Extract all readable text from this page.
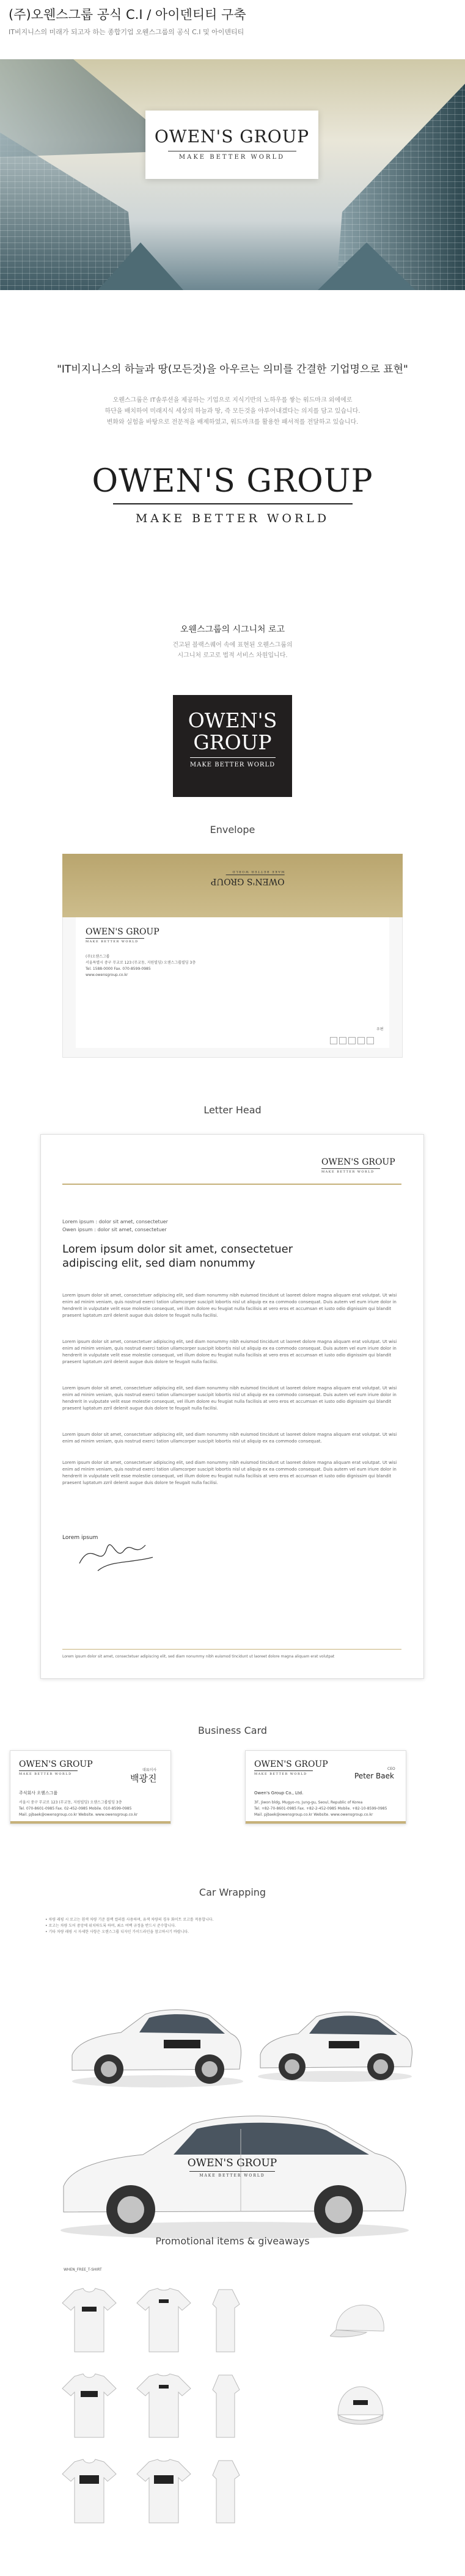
(주)오웬스그룹 공식 C.I / 아이덴티티 구축
IT비지니스의 미래가 되고자 하는 종합기업 오웬스그룹의 공식 C.I 및 아이덴티티
OWEN'S GROUP
MAKE BETTER WORLD
"IT비지니스의 하늘과 땅(모든것)을 아우르는 의미를 간결한 기업명으로 표현"

오웬스그룹은 IT솔루션을 제공하는 기업으로 지식기반의 노하우를 쌓는 워드마크 외에에로

하단을 배치하여 미래지식 세상의 하늘과 땅, 즉 모든것을 아루어내겠다는 의지를 담고 있습니다.

변화와 실험을 바탕으로 전문적을 배제하였고, 워드마크를 활용한 패셔적를 전달하고 있습니다.

OWEN'S GROUP
MAKE BETTER WORLD
오웬스그룹의 시그니처 로고
건고된 블랙스퀘어 속에 표현된 오웬스그룹의
시그니처 로고로 법적 서비스 차원입니다.
OWEN'S
GROUP
MAKE BETTER WORLD
Envelope
OWEN'S GROUP
MAKE BETTER WORLD
OWEN'S GROUP
MAKE BETTER WORLD
(주)오웬스그룹
서울특별시 중구 무교로 123 (무교동, 지원빌딩) 오웬스그룹빌딩 3층
Tel. 1588-0000 Fax. 070-8599-0985
www.owensgroup.co.kr
우편
Letter Head
OWEN'S GROUP
MAKE BETTER WORLD
Lorem ipsum : dolor sit amet, consectetuer
Owen ipsum : dolor sit amet, consectetuer
Lorem ipsum dolor sit amet, consectetuer adipiscing elit, sed diam nonummy
Lorem ipsum dolor sit amet, consectetuer adipiscing elit, sed diam nonummy nibh euismod tincidunt ut laoreet dolore magna aliquam erat volutpat. Ut wisi enim ad minim veniam, quis nostrud exerci tation ullamcorper suscipit lobortis nisl ut aliquip ex ea commodo consequat. Duis autem vel eum iriure dolor in hendrerit in vulputate velit esse molestie consequat, vel illum dolore eu feugiat nulla facilisis at vero eros et accumsan et iusto odio dignissim qui blandit praesent luptatum zzril delenit augue duis dolore te feugait nulla facilisi.
Lorem ipsum dolor sit amet, consectetuer adipiscing elit, sed diam nonummy nibh euismod tincidunt ut laoreet dolore magna aliquam erat volutpat. Ut wisi enim ad minim veniam, quis nostrud exerci tation ullamcorper suscipit lobortis nisl ut aliquip ex ea commodo consequat. Duis autem vel eum iriure dolor in hendrerit in vulputate velit esse molestie consequat, vel illum dolore eu feugiat nulla facilisis at vero eros et accumsan et iusto odio dignissim qui blandit praesent luptatum zzril delenit augue duis dolore te feugait nulla facilisi.
Lorem ipsum dolor sit amet, consectetuer adipiscing elit, sed diam nonummy nibh euismod tincidunt ut laoreet dolore magna aliquam erat volutpat. Ut wisi enim ad minim veniam, quis nostrud exerci tation ullamcorper suscipit lobortis nisl ut aliquip ex ea commodo consequat. Duis autem vel eum iriure dolor in hendrerit in vulputate velit esse molestie consequat, vel illum dolore eu feugiat nulla facilisis at vero eros et accumsan et iusto odio dignissim qui blandit praesent luptatum zzril delenit augue duis dolore te feugait nulla facilisi.
Lorem ipsum dolor sit amet, consectetuer adipiscing elit, sed diam nonummy nibh euismod tincidunt ut laoreet dolore magna aliquam erat volutpat. Ut wisi enim ad minim veniam, quis nostrud exerci tation ullamcorper suscipit lobortis nisl ut aliquip ex ea commodo consequat.
Lorem ipsum dolor sit amet, consectetuer adipiscing elit, sed diam nonummy nibh euismod tincidunt ut laoreet dolore magna aliquam erat volutpat. Ut wisi enim ad minim veniam, quis nostrud exerci tation ullamcorper suscipit lobortis nisl ut aliquip ex ea commodo consequat. Duis autem vel eum iriure dolor in hendrerit in vulputate velit esse molestie consequat, vel illum dolore eu feugiat nulla facilisis at vero eros et accumsan et iusto odio dignissim qui blandit praesent luptatum zzril delenit augue duis dolore te feugait nulla facilisi.
Lorem ipsum
Lorem ipsum dolor sit amet, consectetuer adipiscing elit, sed diam nonummy nibh euismod tincidunt ut laoreet dolore magna aliquam erat volutpat
Business Card
OWEN'S GROUP
MAKE BETTER WORLD
대표이사
백광진
주식회사 오웬스그룹
서울시 중구 무교로 123 (무교동, 지원빌딩) 오웬스그룹빌딩 3층
Tel. 070-8601-0985 Fax. 02-452-0985 Mobile. 010-8599-0985
Mail. pjbaek@owensgroup.co.kr Website. www.owensgroup.co.kr
OWEN'S GROUP
MAKE BETTER WORLD
CEO
Peter Baek
Owen's Group Co., Ltd.
3F, Jiwon bldg, Mugyo-ro, Jung-gu, Seoul, Republic of Korea
Tel. +82-70-8601-0985 Fax. +82-2-452-0985 Mobile. +82-10-8599-0985
Mail. pjbaek@owensgroup.co.kr Website. www.owensgroup.co.kr
Car Wrapping
• 차량 래핑 시 로고는 흰색 차량 기준 블랙 컬러를 사용하며, 유색 차량의 경우 화이트 로고를 적용합니다.
• 로고는 차량 도어 중앙에 위치하도록 하며, 최소 여백 규정을 반드시 준수합니다.
• 기타 차량 래핑 시 자세한 사항은 오웬스그룹 디자인 가이드라인을 참고하시기 바랍니다.
OWEN'S GROUP
MAKE BETTER WORLD
Promotional items & giveaways
WHEN_FREE_T-SHIRT
